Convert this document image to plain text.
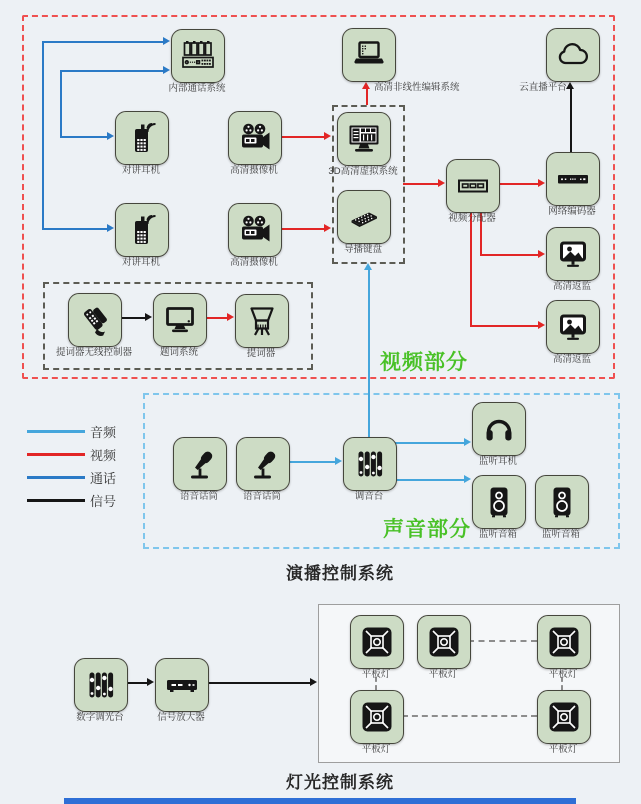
内部通话系统
对讲耳机
对讲耳机
高清摄像机
高清摄像机
高清非线性编辑系统	云直播平台
3D高清虚拟系统
导播键盘
视频分配器
网络编码器
高清返监
高清返监
提词器无线控制器	题词系统	提词器
语音话筒	语音话筒	调音台
监听耳机
监听音箱	监听音箱
数字调光台	信号放大器
平板灯	平板灯	平板灯
平板灯	平板灯
视频部分
声音部分
演播控制系统
灯光控制系统
音频
视频
通话
信号
